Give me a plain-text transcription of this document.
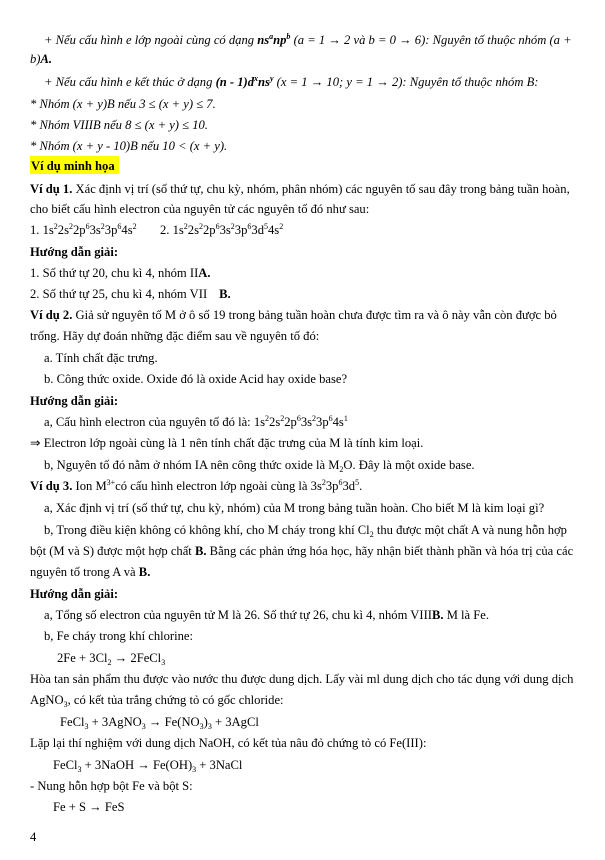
+ Nếu cấu hình e lớp ngoài cùng có dạng $ns^anp^b$ (a = 1 → 2 và b = 0 → 6): Nguyên tố thuộc nhóm (a +
b)A.
+ Nếu cấu hình e kết thúc ở dạng $(n - 1)d^xns^y$ (x = 1 → 10; y = 1 → 2): Nguyên tố thuộc nhóm B:
* Nhóm (x + y)B nếu 3 ≤ (x + y) ≤ 7.
* Nhóm VIIIB nếu 8 ≤ (x + y) ≤ 10.
* Nhóm (x + y - 10)B nếu 10 < (x + y).
Ví dụ minh họa
Ví dụ 1. Xác định vị trí (số thứ tự, chu kỳ, nhóm, phân nhóm) các nguyên tố sau đây trong bảng tuần hoàn,
cho biết cấu hình electron của nguyên tử các nguyên tố đó như sau:
1. $1s^22s^22p^63s^23p^64s^2$ 2. $1s^22s^22p^63s^23p^63d^54s^2$
Hướng dẫn giải:
1. Số thứ tự 20, chu kì 4, nhóm IIA.
2. Số thứ tự 25, chu kì 4, nhóm VII B.
Ví dụ 2. Giả sử nguyên tố M ở ô số 19 trong bảng tuần hoàn chưa được tìm ra và ô này vẫn còn được bỏ
trống. Hãy dự đoán những đặc điểm sau về nguyên tố đó:
a. Tính chất đặc trưng.
b. Công thức oxide. Oxide đó là oxide Acid hay oxide base?
Hướng dẫn giải:
a, Cấu hình electron của nguyên tố đó là: $1s^22s^22p^63s^23p^64s^1$
⇒ Electron lớp ngoài cùng là 1 nên tính chất đặc trưng của M là tính kim loại.
b, Nguyên tố đó nằm ở nhóm IA nên công thức oxide là $M_2O$. Đây là một oxide base.
Ví dụ 3. Ion $M^{3+}có$ cấu hình electron lớp ngoài cùng là $3s^23p^63d^5$.
a, Xác định vị trí (số thứ tự, chu kỳ, nhóm) của M trong bảng tuần hoàn. Cho biết M là kim loại gì?
b, Trong điều kiện không có không khí, cho M cháy trong khí $Cl_2$ thu được một chất A và nung hỗn hợp
bột (M và S) được một hợp chất B. Bằng các phản ứng hóa học, hãy nhận biết thành phần và hóa trị của các
nguyên tố trong A và B.
Hướng dẫn giải:
a, Tổng số electron của nguyên tử M là 26. Số thứ tự 26, chu kì 4, nhóm VIIIB. M là Fe.
b, Fe cháy trong khí chlorine:
$2Fe + 3Cl_2$ → 2FeCl$_3$
Hòa tan sản phẩm thu được vào nước thu được dung dịch. Lấy vài ml dung dịch cho tác dụng với dung dịch
AgNO$_3$, có kết tủa trắng chứng tỏ có gốc chloride:
FeCl$_3$ + 3AgNO$_3$ → $Fe(NO_3)_3$ + 3AgCl
Lặp lại thí nghiệm với dung dịch NaOH, có kết tủa nâu đỏ chứng tỏ có Fe(III):
FeCl$_3$ + 3NaOH → $Fe(OH)_3$ + 3NaCl
- Nung hỗn hợp bột Fe và bột S:
Fe + S → FeS
4
